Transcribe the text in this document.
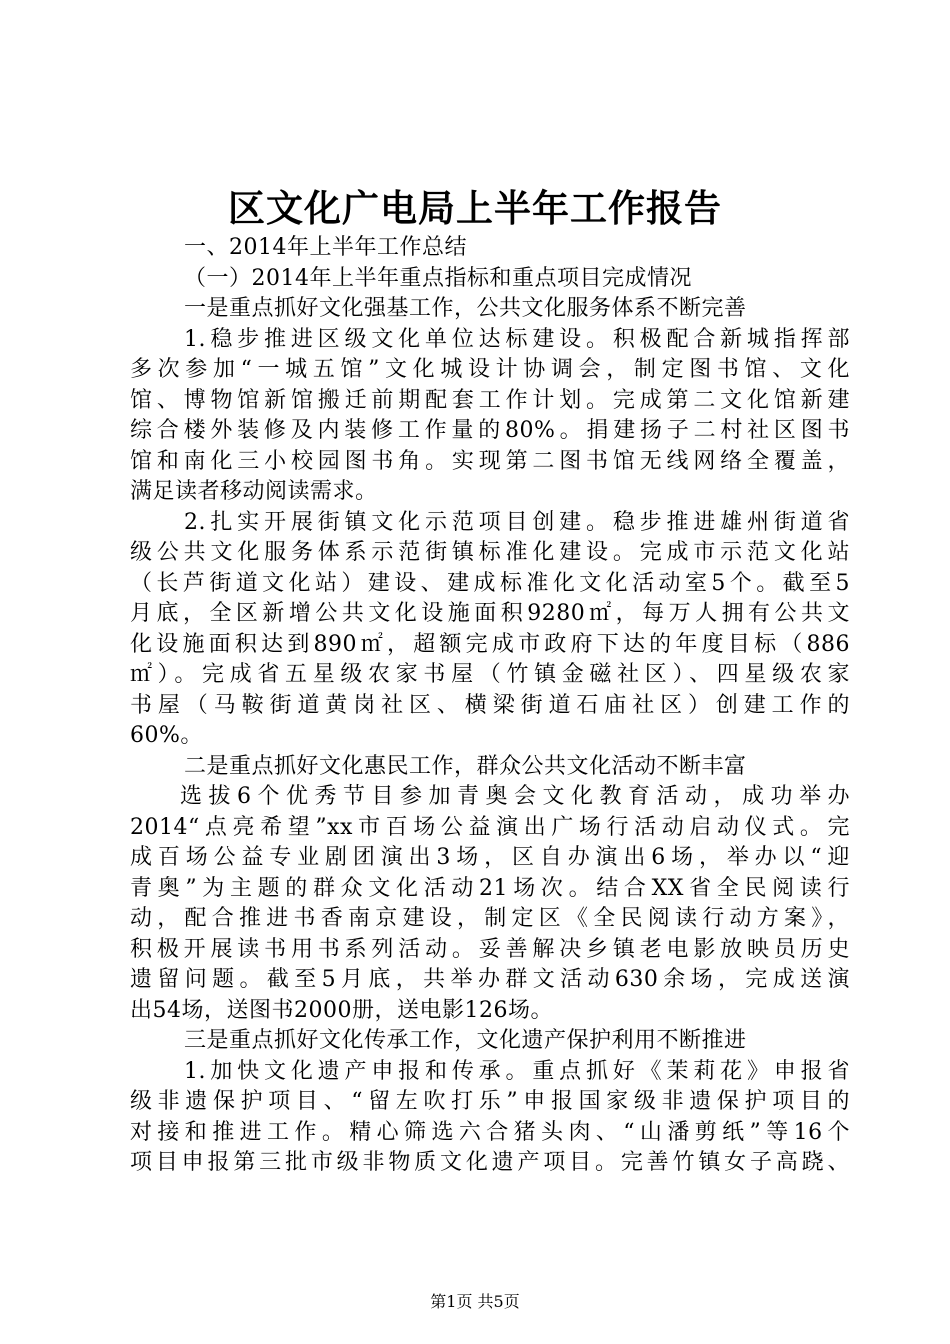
区文化广电局上半年工作报告
一、2014年上半年工作总结
（一）2014年上半年重点指标和重点项目完成情况
一是重点抓好文化强基工作，公共文化服务体系不断完善
1.稳步推进区级文化单位达标建设。积极配合新城指挥部
多次参加“一城五馆”文化城设计协调会，制定图书馆、文化
馆、博物馆新馆搬迁前期配套工作计划。完成第二文化馆新建
综合楼外装修及内装修工作量的80%。捐建扬子二村社区图书
馆和南化三小校园图书角。实现第二图书馆无线网络全覆盖，
满足读者移动阅读需求。
2.扎实开展街镇文化示范项目创建。稳步推进雄州街道省
级公共文化服务体系示范街镇标准化建设。完成市示范文化站
（长芦街道文化站）建设、建成标准化文化活动室5个。截至5
月底，全区新增公共文化设施面积9280㎡，每万人拥有公共文
化设施面积达到890㎡，超额完成市政府下达的年度目标（886
㎡）。完成省五星级农家书屋（竹镇金磁社区）、四星级农家
书屋（马鞍街道黄岗社区、横梁街道石庙社区）创建工作的
60%。
二是重点抓好文化惠民工作，群众公共文化活动不断丰富
选拔6个优秀节目参加青奥会文化教育活动，成功举办
2014“点亮希望”xx市百场公益演出广场行活动启动仪式。完
成百场公益专业剧团演出3场，区自办演出6场，举办以“迎
青奥”为主题的群众文化活动21场次。结合XX省全民阅读行
动，配合推进书香南京建设，制定区《全民阅读行动方案》，
积极开展读书用书系列活动。妥善解决乡镇老电影放映员历史
遗留问题。截至5月底，共举办群文活动630余场，完成送演
出54场，送图书2000册，送电影126场。
三是重点抓好文化传承工作，文化遗产保护利用不断推进
1.加快文化遗产申报和传承。重点抓好《茉莉花》申报省
级非遗保护项目、“留左吹打乐”申报国家级非遗保护项目的
对接和推进工作。精心筛选六合猪头肉、“山潘剪纸”等16个
项目申报第三批市级非物质文化遗产项目。完善竹镇女子高跷、
第1页 共5页
